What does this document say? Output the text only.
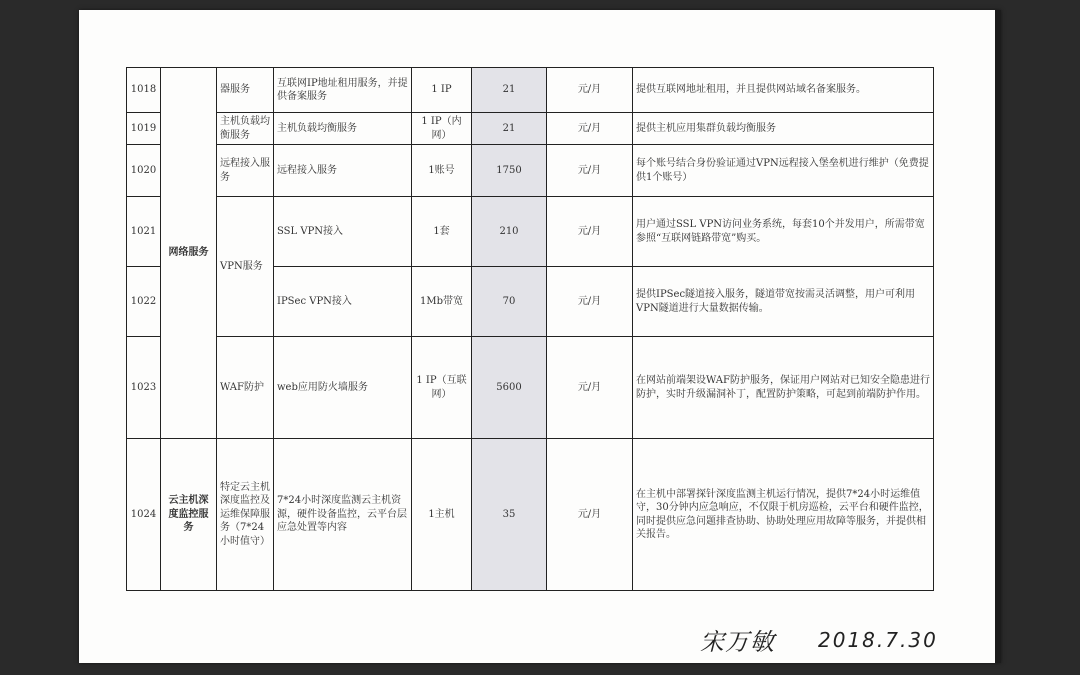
1018	网络服务	器服务	互联网IP地址租用服务，并提供备案服务	1 IP	21	元/月	提供互联网地址租用，并且提供网站域名备案服务。
1019		主机负载均衡服务	主机负载均衡服务	1 IP（内网）	21	元/月	提供主机应用集群负载均衡服务
1020		远程接入服务	远程接入服务	1账号	1750	元/月	每个账号结合身份验证通过VPN远程接入堡垒机进行维护（免费提供1个账号）
1021		VPN服务	SSL VPN接入	1套	210	元/月	用户通过SSL VPN访问业务系统，每套10个并发用户，所需带宽参照“互联网链路带宽”购买。
1022			IPSec VPN接入	1Mb带宽	70	元/月	提供IPSec隧道接入服务，隧道带宽按需灵活调整，用户可利用VPN隧道进行大量数据传输。
1023		WAF防护	web应用防火墙服务	1 IP（互联网）	5600	元/月	在网站前端架设WAF防护服务，保证用户网站对已知安全隐患进行防护，实时升级漏洞补丁，配置防护策略，可起到前端防护作用。
1024	云主机深度监控服务	特定云主机深度监控及运维保障服务（7*24小时值守）	7*24小时深度监测云主机资源，硬件设备监控，云平台层应急处置等内容	1主机	35	元/月	在主机中部署探针深度监测主机运行情况，提供7*24小时运维值守，30分钟内应急响应，不仅限于机房巡检，云平台和硬件监控，同时提供应急问题排查协助、协助处理应用故障等服务，并提供相关报告。
宋万敏 2018.7.30
